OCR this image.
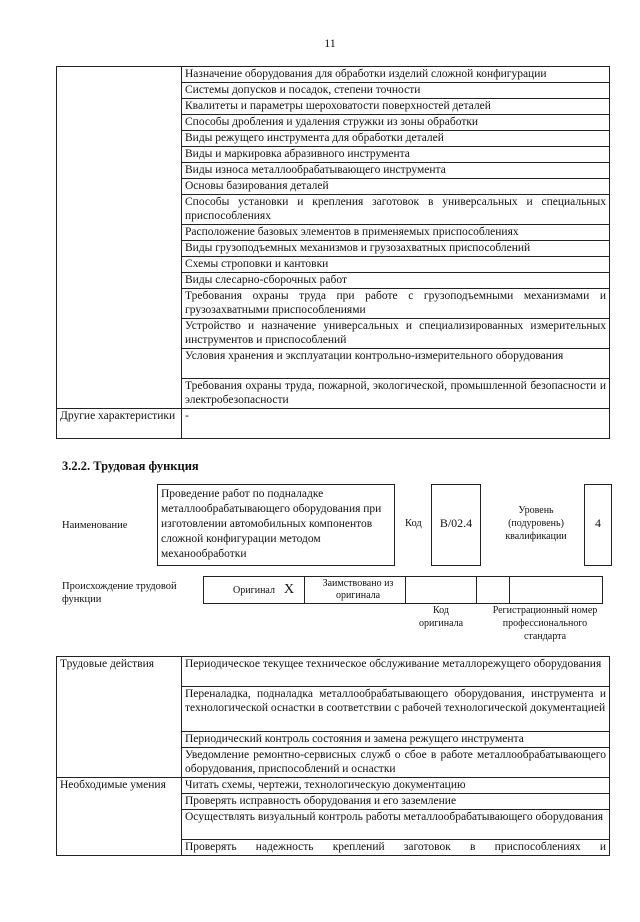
11
	Назначение оборудования для обработки изделий сложной конфигурации
	Системы допусков и посадок, степени точности
	Квалитеты и параметры шероховатости поверхностей деталей
	Способы дробления и удаления стружки из зоны обработки
	Виды режущего инструмента для обработки деталей
	Виды и маркировка абразивного инструмента
	Виды износа металлообрабатывающего инструмента
	Основы базирования деталей
	Способы установки и крепления заготовок в универсальных и специальных приспособлениях
	Расположение базовых элементов в применяемых приспособлениях
	Виды грузоподъемных механизмов и грузозахватных приспособлений
	Схемы строповки и кантовки
	Виды слесарно-сборочных работ
	Требования охраны труда при работе с грузоподъемными механизмами и грузозахватными приспособлениями
	Устройство и назначение универсальных и специализированных измерительных инструментов и приспособлений
	Условия хранения и эксплуатации контрольно-измерительного оборудования
	Требования охраны труда, пожарной, экологической, промышленной безопасности и электробезопасности
Другие характеристики	-
3.2.2. Трудовая функция
Наименование
Проведение работ по подналадке металлообрабатывающего оборудования при изготовлении автомобильных компонентов сложной конфигурации методом механообработки
Код	В/02.4
Уровень (подуровень) квалификации
4
Происхождение трудовой функции
Оригинал X	Заимствовано из оригинала
Код оригинала
Регистрационный номер профессионального стандарта
Трудовые действия	Периодическое текущее техническое обслуживание металлорежущего оборудования
	Переналадка, подналадка металлообрабатывающего оборудования, инструмента и технологической оснастки в соответствии с рабочей технологической документацией
	Периодический контроль состояния и замена режущего инструмента
	Уведомление ремонтно-сервисных служб о сбое в работе металлообрабатывающего оборудования, приспособлений и оснастки
Необходимые умения	Читать схемы, чертежи, технологическую документацию
	Проверять исправность оборудования и его заземление
	Осуществлять визуальный контроль работы металлообрабатывающего оборудования
	Проверять надежность креплений заготовок в приспособлениях и
